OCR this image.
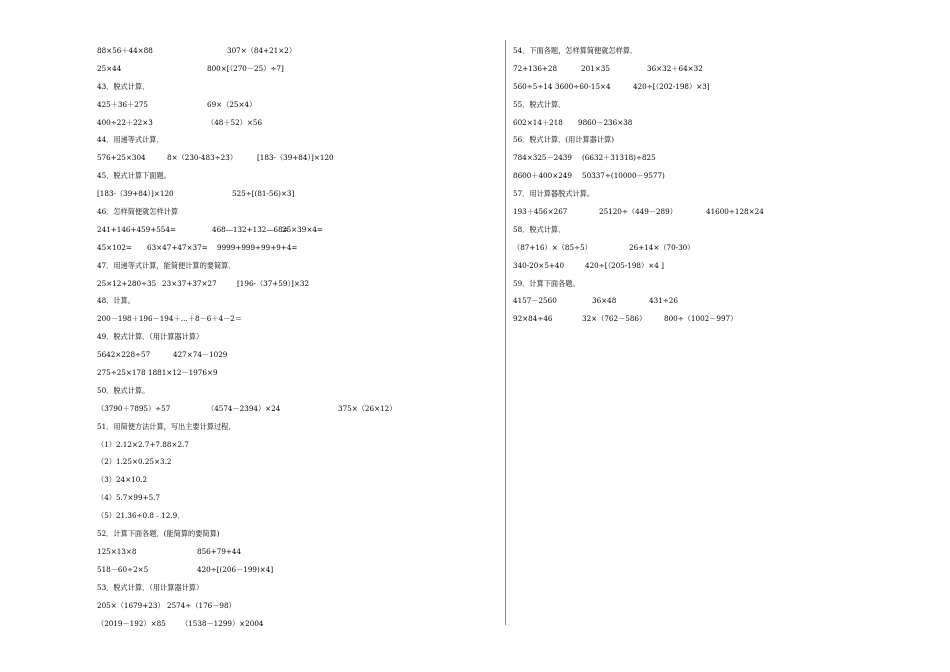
88×56＋44×88	307×（84+21×2）
25×44	800×[（270－25）÷7]
43．脱式计算．
425＋36＋275	69×（25×4）
400÷22＋22×3	（48＋52）×56
44．用递等式计算．
576+25×304	8×（230-483÷23）	[183-（39+84）]×120
45．脱式计算下面题。
[183-（39+84）]×120	525÷[(81-56)×3]
46．怎样简便就怎样计算
241+146+459+554=	468—132+132—68=
25×39×4=
45×102= 63×47+47×37= 9999+999+99+9+4=
47．用递等式计算，能简便计算的要简算．
25×12+280÷35 23×37+37×27	[196-（37+59）]×32
48．计算。
200－198＋196－194＋…＋8－6＋4－2＝
49．脱式计算．（用计算器计算）
5642×228÷57	427×74－1029
275÷25×178 1881×12－1976×9
50．脱式计算。
（3790＋7895）÷57	（4574－2394）×24	375×（26×12）
51．用简便方法计算，写出主要计算过程．
（1）2.12×2.7+7.88×2.7
（2）1.25×0.25×3.2
（3）24×10.2
（4）5.7×99+5.7
（5）21.36÷0.8﹣12.9．
52．计算下面各题．(能简算的要简算)
125×13×8	856+79+44
518－60÷2×5	420÷[(206－199)×4]
53．脱式计算．（用计算器计算）
205×（1679+23） 2574÷（176－98）
（2019－192）×85 （1538－1299）×2004
54．下面各题，怎样算简便就怎样算．
72+136+28	201×35	36×32＋64×32
560÷5÷14 3600÷60-15×4	420÷[（202-198）×3]
55．脱式计算．
602×14＋218 9860－236×38
56．脱式计算．(用计算器计算)
784×325－2439 (6632＋31318)÷825
8600＋400×249 50337÷(10000－9577)
57．用计算器脱式计算。
193＋456×267	25120÷（449－289）	41600÷128×24
58．脱式计算．
（87+16）×（85÷5）	26+14×（70-30）
340-20×5+40	420÷[（205-198）×4 ]
59．计算下面各题。
4157－2560	36×48	431÷26
92×84÷46	32×（762－586） 800÷（1002－997）
